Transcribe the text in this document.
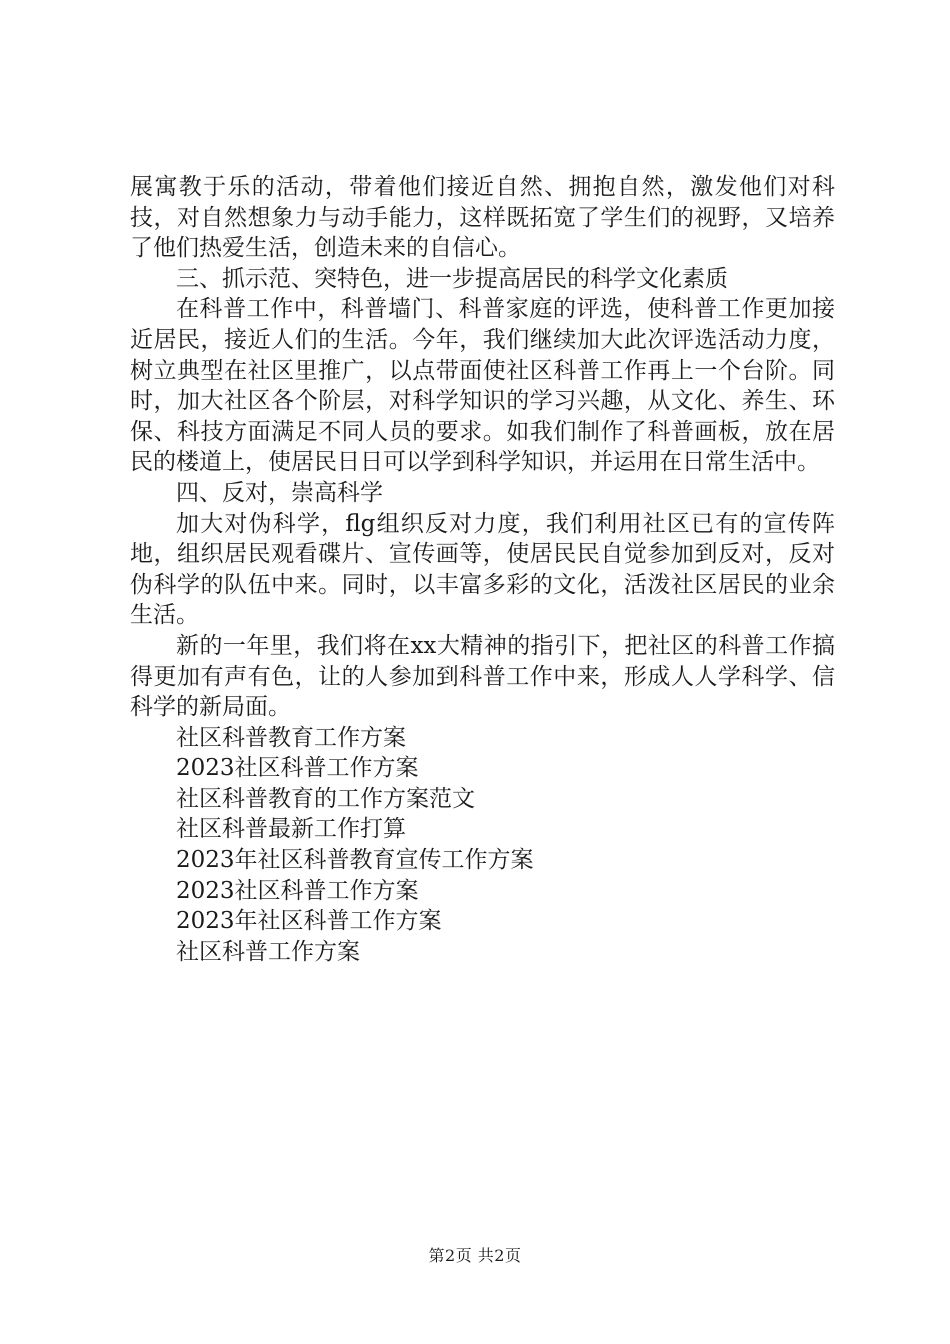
展寓教于乐的活动，带着他们接近自然、拥抱自然，激发他们对科技，对自然想象力与动手能力，这样既拓宽了学生们的视野，又培养了他们热爱生活，创造未来的自信心。

三、抓示范、突特色，进一步提高居民的科学文化素质

在科普工作中，科普墙门、科普家庭的评选，使科普工作更加接近居民，接近人们的生活。今年，我们继续加大此次评选活动力度，树立典型在社区里推广，以点带面使社区科普工作再上一个台阶。同时，加大社区各个阶层，对科学知识的学习兴趣，从文化、养生、环保、科技方面满足不同人员的要求。如我们制作了科普画板，放在居民的楼道上，使居民日日可以学到科学知识，并运用在日常生活中。

四、反对，崇高科学

加大对伪科学，flg组织反对力度，我们利用社区已有的宣传阵地，组织居民观看碟片、宣传画等，使居民民自觉参加到反对，反对伪科学的队伍中来。同时，以丰富多彩的文化，活泼社区居民的业余生活。

新的一年里，我们将在xx大精神的指引下，把社区的科普工作搞得更加有声有色，让的人参加到科普工作中来，形成人人学科学、信科学的新局面。

社区科普教育工作方案
2023社区科普工作方案
社区科普教育的工作方案范文
社区科普最新工作打算
2023年社区科普教育宣传工作方案
2023社区科普工作方案
2023年社区科普工作方案
社区科普工作方案
第2页 共2页
